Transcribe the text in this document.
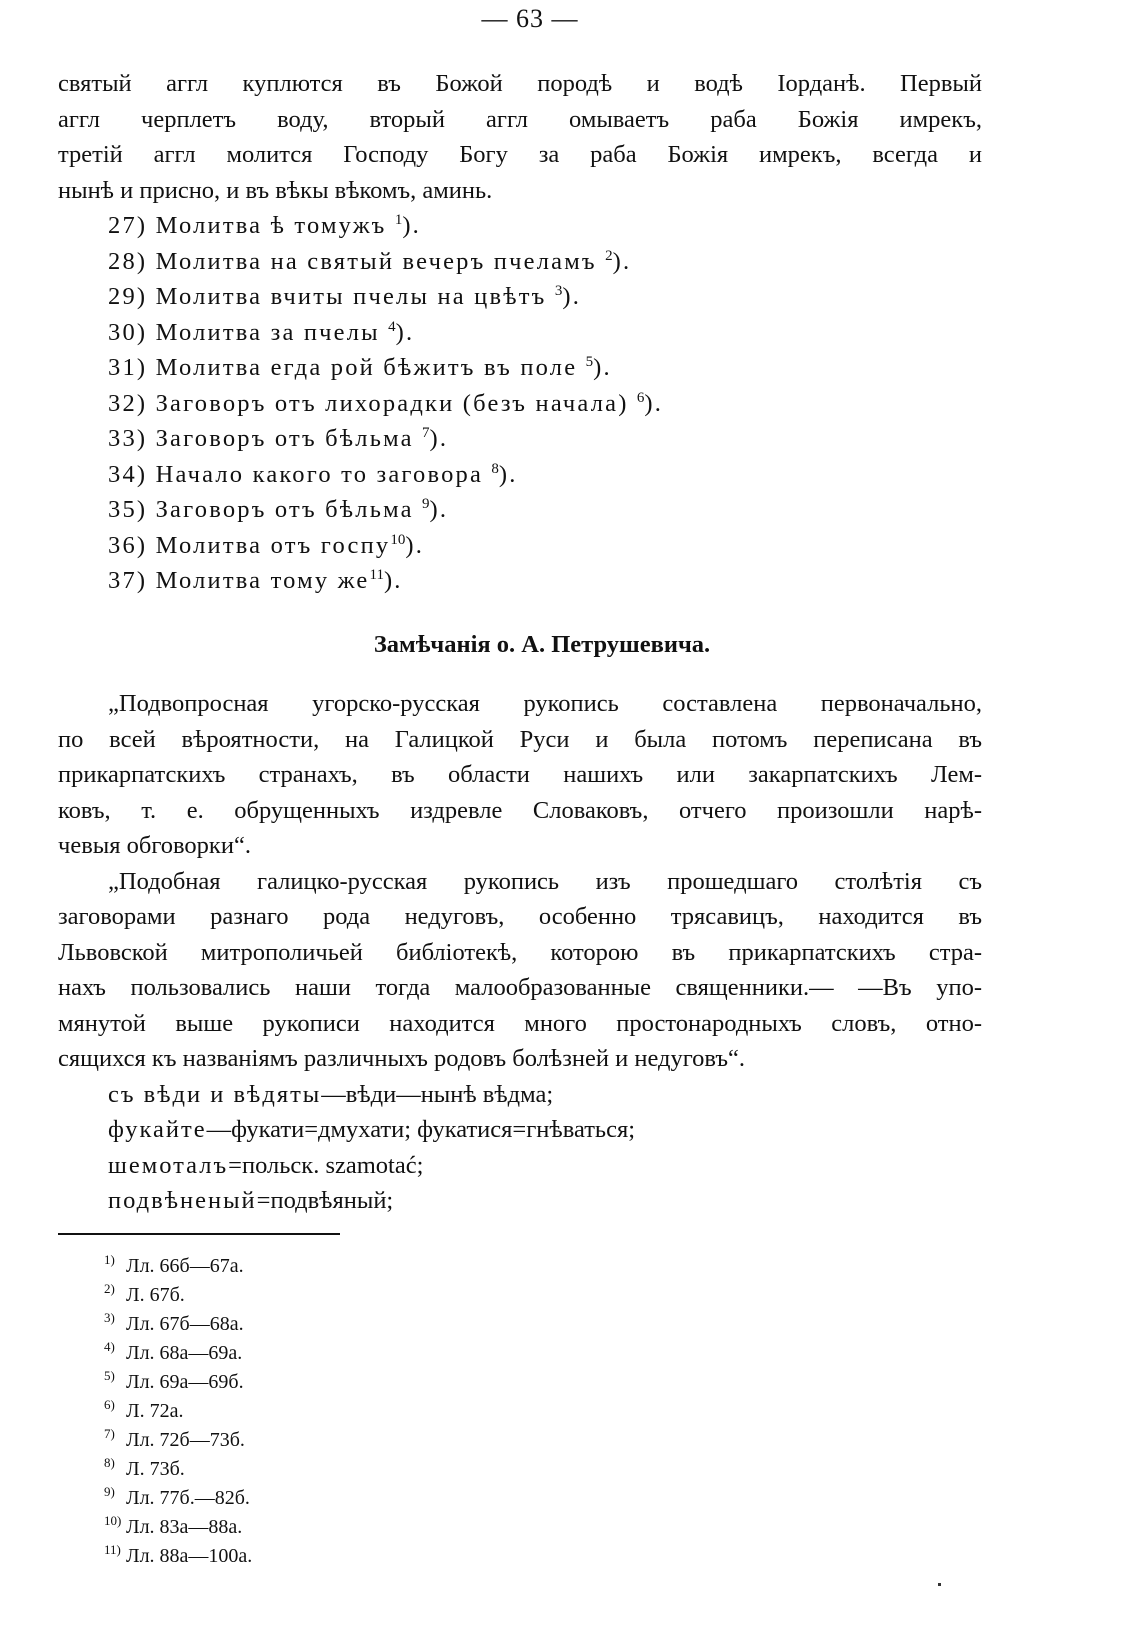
— 63 —
святый аггл куплются въ Божой породѣ и водѣ Iорданѣ. Первый
аггл черплетъ воду, вторый аггл омываетъ раба Божiя имрекъ,
третiй аггл молится Господу Богу за раба Божiя имрекъ, всегда и
нынѣ и присно, и въ вѣкы вѣкомъ, аминь.
27) Молитва ѣ томужъ $^1$).
28) Молитва на святый вечеръ пчеламъ $^2$).
29) Молитва вчиты пчелы на цвѣтъ $^3$).
30) Молитва за пчелы $^4$).
31) Молитва егда рой бѣжитъ въ поле $^5$).
32) Заговоръ отъ лихорадки (безъ начала) $^6$).
33) Заговоръ отъ бѣльма $^7$).
34) Начало какого то заговора $^8$).
35) Заговоръ отъ бѣльма $^9$).
36) Молитва отъ госпу$^{10}$).
37) Молитва тому $же^{11}$).
Замѣчанiя о. А. Петрушевича.
„Подвопросная угорско-русская рукопись составлена первоначально,
по всей вѣроятности, на Галицкой Руси и была потомъ переписана въ
прикарпатскихъ странахъ, въ области нашихъ или закарпатскихъ Лем-
ковъ, т. е. обрущенныхъ издревле Словаковъ, отчего произошли нарѣ-
чевыя обговорки“.
„Подобная галицко-русская рукопись изъ прошедшаго столѣтiя съ
заговорами разнаго рода недуговъ, особенно трясавицъ, находится въ
Львовской митрополичьей библiотекѣ, которою въ прикарпатскихъ стра-
нахъ пользовались наши тогда малообразованные священники.— —Въ упо-
мянутой выше рукописи находится много простонародныхъ словъ, отно-
сящихся къ названiямъ различныхъ родовъ болѣзней и недуговъ“.
съ вѣди и вѣдяты—вѣди—нынѣ вѣдма;
фукайте—фукати=дмухати; фукатися=гнѣваться;
шемоталъ=польск. szamotać;
подвѣненый=подвѣяный;
1) Лл. 66б—67а.
2) Л. 67б.
3) Лл. 67б—68а.
4) Лл. 68а—69а.
5) Лл. 69а—69б.
6) Л. 72а.
7) Лл. 72б—73б.
8) Л. 73б.
9) Лл. 77б.—82б.
10) Лл. 83а—88а.
11) Лл. 88а—100а.
